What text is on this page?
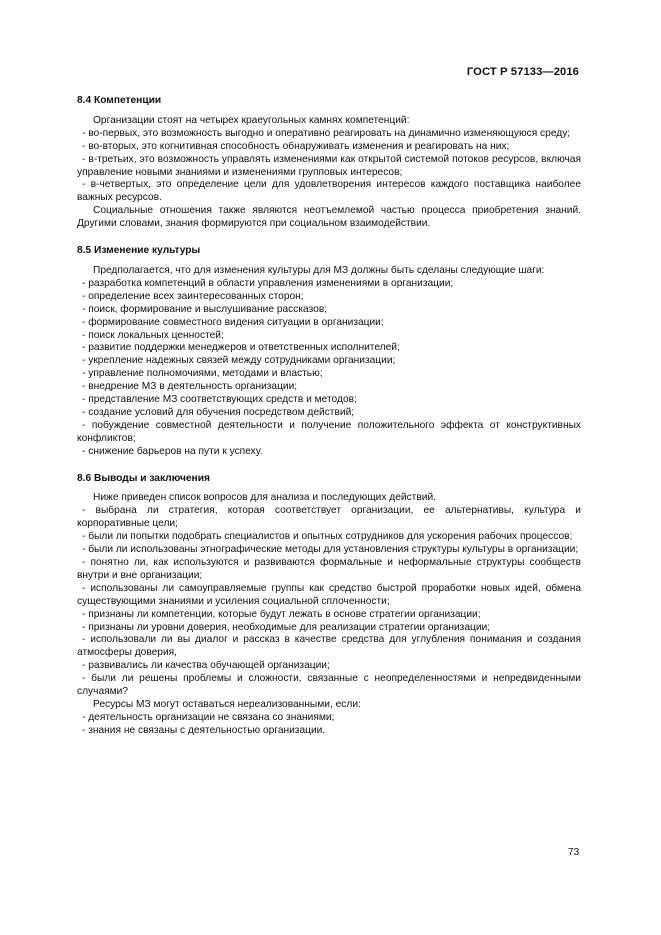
ГОСТ Р 57133—2016
8.4 Компетенции

Организации стоят на четырех краеугольных камнях компетенций:

- во-первых, это возможность выгодно и оперативно реагировать на динамично изменяющуюся среду;

- во-вторых, это когнитивная способность обнаруживать изменения и реагировать на них;

- в-третьих, это возможность управлять изменениями как открытой системой потоков ресурсов, включая управление новыми знаниями и изменениями групповых интересов;

- в-четвертых, это определение цели для удовлетворения интересов каждого поставщика наиболее важных ресурсов.

Социальные отношения также являются неотъемлемой частью процесса приобретения знаний. Другими словами, знания формируются при социальном взаимодействии.

8.5 Изменение культуры

Предполагается, что для изменения культуры для МЗ должны быть сделаны следующие шаги:

- разработка компетенций в области управления изменениями в организации;

- определение всех заинтересованных сторон;

- поиск, формирование и выслушивание рассказов;

- формирование совместного видения ситуации в организации;

- поиск локальных ценностей;

- развитие поддержки менеджеров и ответственных исполнителей;

- укрепление надежных связей между сотрудниками организации;

- управление полномочиями, методами и властью;

- внедрение МЗ в деятельность организации;

- представление МЗ соответствующих средств и методов;

- создание условий для обучения посредством действий;

- побуждение совместной деятельности и получение положительного эффекта от конструктивных конфликтов;

- снижение барьеров на пути к успеху.

8.6 Выводы и заключения

Ниже приведен список вопросов для анализа и последующих действий.

- выбрана ли стратегия, которая соответствует организации, ее альтернативы, культура и корпоративные цели;

- были ли попытки подобрать специалистов и опытных сотрудников для ускорения рабочих процессов;

- были ли использованы этнографические методы для установления структуры культуры в организации;

- понятно ли, как используются и развиваются формальные и неформальные структуры сообществ внутри и вне организации;

- использованы ли самоуправляемые группы как средство быстрой проработки новых идей, обмена существующими знаниями и усиления социальной сплоченности;

- признаны ли компетенции, которые будут лежать в основе стратегии организации;

- признаны ли уровни доверия, необходимые для реализации стратегии организации;

- использовали ли вы диалог и рассказ в качестве средства для углубления понимания и создания атмосферы доверия,

- развивались ли качества обучающей организации;

- были ли решены проблемы и сложности, связанные с неопределенностями и непредвиденными случаями?

Ресурсы МЗ могут оставаться нереализованными, если:

- деятельность организации не связана со знаниями;

- знания не связаны с деятельностью организации.

73
